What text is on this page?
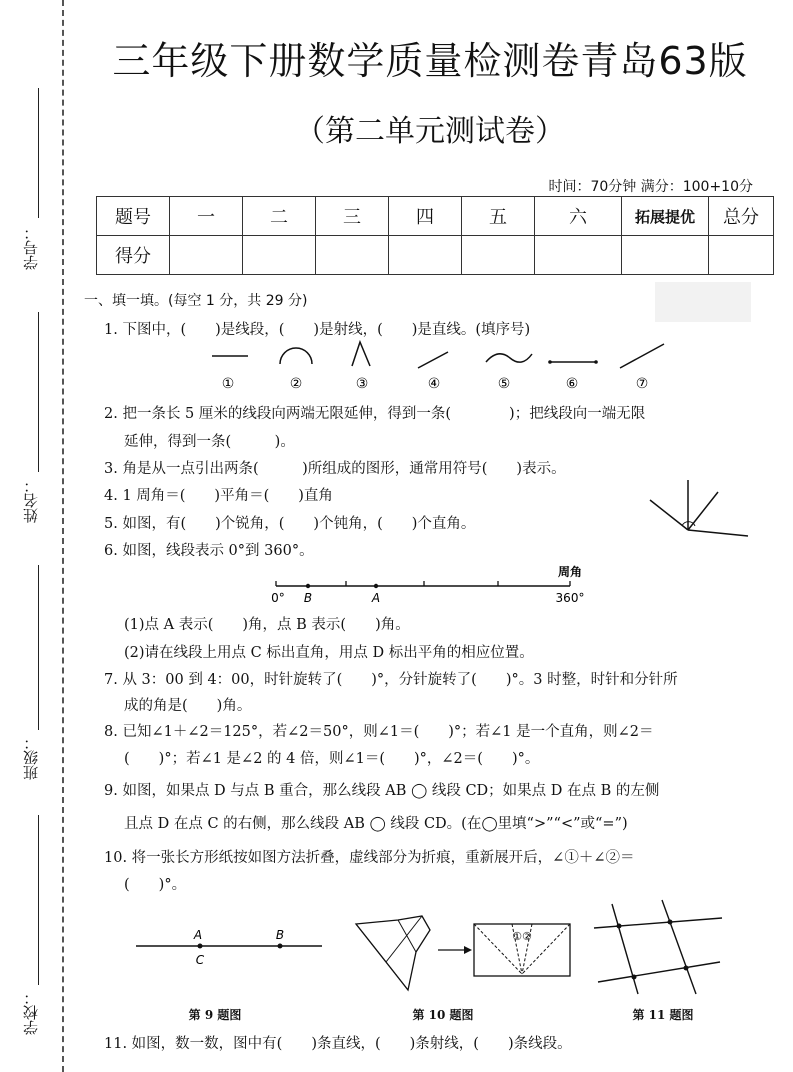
学号：
姓名：
班级：
学校：
三年级下册数学质量检测卷青岛63版
（第二单元测试卷）
时间：70分钟 满分：100+10分
题号	一	二	三	四	五	六	拓展提优	总分
得分								
一、填一填。(每空 1 分，共 29 分)
1. 下图中，(　　)是线段，(　　)是射线，(　　)是直线。(填序号)
①	②	③	④	⑤	⑥	⑦
2. 把一条长 5 厘米的线段向两端无限延伸，得到一条(　　　　)；把线段向一端无限
延伸，得到一条(　　　)。
3. 角是从一点引出两条(　　　)所组成的图形，通常用符号(　　)表示。
4. 1 周角＝(　　)平角＝(　　)直角
5. 如图，有(　　)个锐角，(　　)个钝角，(　　)个直角。
6. 如图，线段表示 0°到 360°。
周角
0° B	A	360°
(1)点 A 表示(　　)角，点 B 表示(　　)角。
(2)请在线段上用点 C 标出直角，用点 D 标出平角的相应位置。
7. 从 3：00 到 4：00，时针旋转了(　　)°，分针旋转了(　　)°。3 时整，时针和分针所
成的角是(　　)角。
8. 已知∠1＋∠2＝125°，若∠2＝50°，则∠1＝(　　)°；若∠1 是一个直角，则∠2＝
(　　)°；若∠1 是∠2 的 4 倍，则∠1＝(　　)°，∠2＝(　　)°。
9. 如图，如果点 D 与点 B 重合，那么线段 AB ◯ 线段 CD；如果点 D 在点 B 的左侧
且点 D 在点 C 的右侧，那么线段 AB ◯ 线段 CD。(在◯里填“>”“<”或“=”)
10. 将一张长方形纸按如图方法折叠，虚线部分为折痕，重新展开后，∠①＋∠②＝
(　　)°。
A	B
C
①②
第 9 题图	第 10 题图	第 11 题图
11. 如图，数一数，图中有(　　)条直线，(　　)条射线，(　　)条线段。
